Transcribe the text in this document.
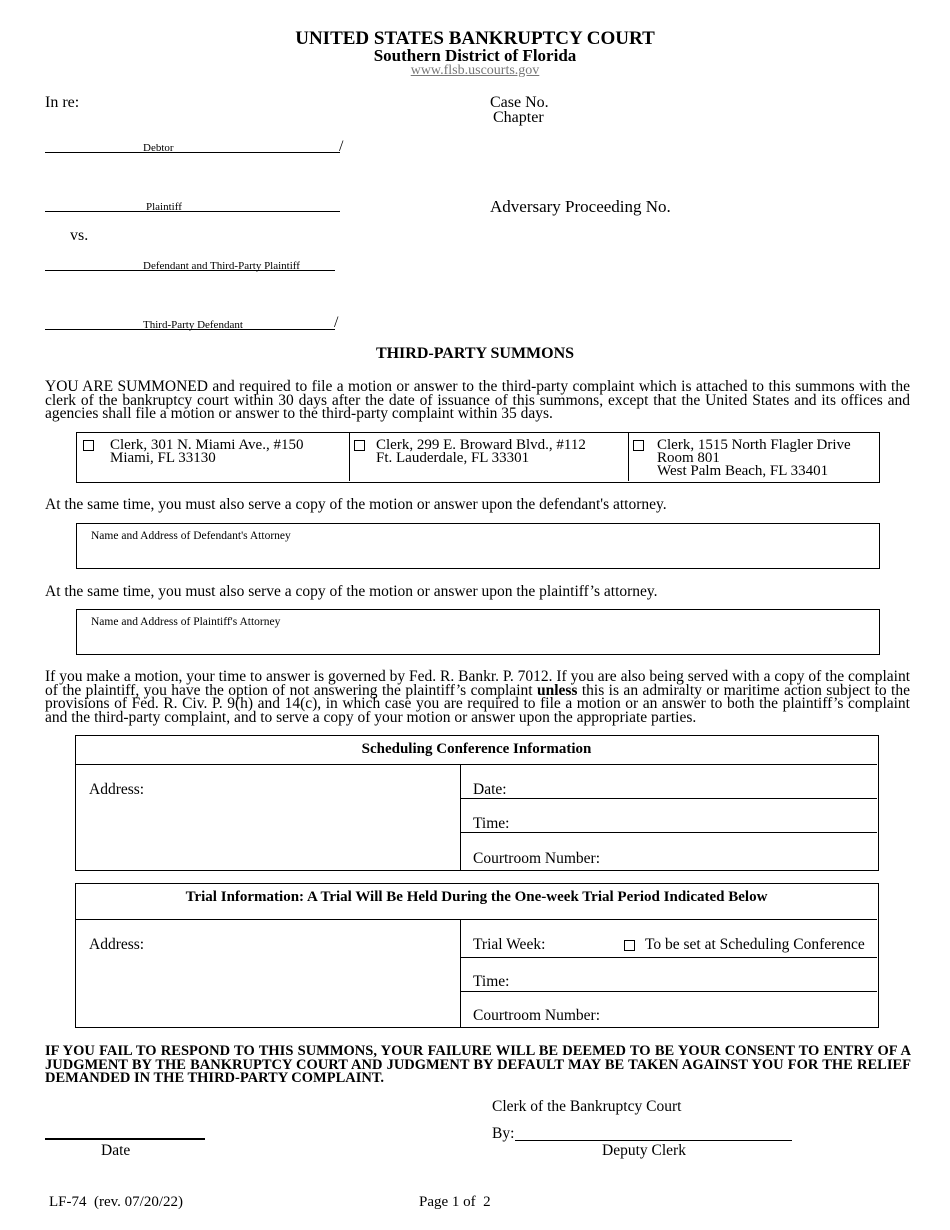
UNITED STATES BANKRUPTCY COURT
Southern District of Florida
www.flsb.uscourts.gov
In re:	Case No.
Chapter
Debtor	/
Plaintiff	Adversary Proceeding No.
vs.
Defendant and Third-Party Plaintiff
Third-Party Defendant	/
THIRD-PARTY SUMMONS
YOU ARE SUMMONED and required to file a motion or answer to the third-party complaint which is attached to this summons with the clerk of the bankruptcy court within 30 days after the date of issuance of this summons, except that the United States and its offices and agencies shall file a motion or answer to the third-party complaint within 35 days.
Clerk, 301 N. Miami Ave., #150
Miami, FL 33130
Clerk, 299 E. Broward Blvd., #112
Ft. Lauderdale, FL 33301
Clerk, 1515 North Flagler Drive
Room 801
West Palm Beach, FL 33401
At the same time, you must also serve a copy of the motion or answer upon the defendant's attorney.
Name and Address of Defendant's Attorney
At the same time, you must also serve a copy of the motion or answer upon the plaintiff’s attorney.
Name and Address of Plaintiff's Attorney
If you make a motion, your time to answer is governed by Fed. R. Bankr. P. 7012. If you are also being served with a copy of the complaint of the plaintiff, you have the option of not answering the plaintiff’s complaint unless this is an admiralty or maritime action subject to the provisions of Fed. R. Civ. P. 9(h) and 14(c), in which case you are required to file a motion or an answer to both the plaintiff’s complaint and the third-party complaint, and to serve a copy of your motion or answer upon the appropriate parties.
Scheduling Conference Information
Address:	Date:
Time:
Courtroom Number:
Trial Information: A Trial Will Be Held During the One-week Trial Period Indicated Below
Address:	Trial Week:	To be set at Scheduling Conference
Time:
Courtroom Number:
IF YOU FAIL TO RESPOND TO THIS SUMMONS, YOUR FAILURE WILL BE DEEMED TO BE YOUR CONSENT TO ENTRY OF A JUDGMENT BY THE BANKRUPTCY COURT AND JUDGMENT BY DEFAULT MAY BE TAKEN AGAINST YOU FOR THE RELIEF DEMANDED IN THE THIRD-PARTY COMPLAINT.
Clerk of the Bankruptcy Court
By:
Deputy Clerk
Date
LF-74  (rev. 07/20/22)	Page 1 of  2
